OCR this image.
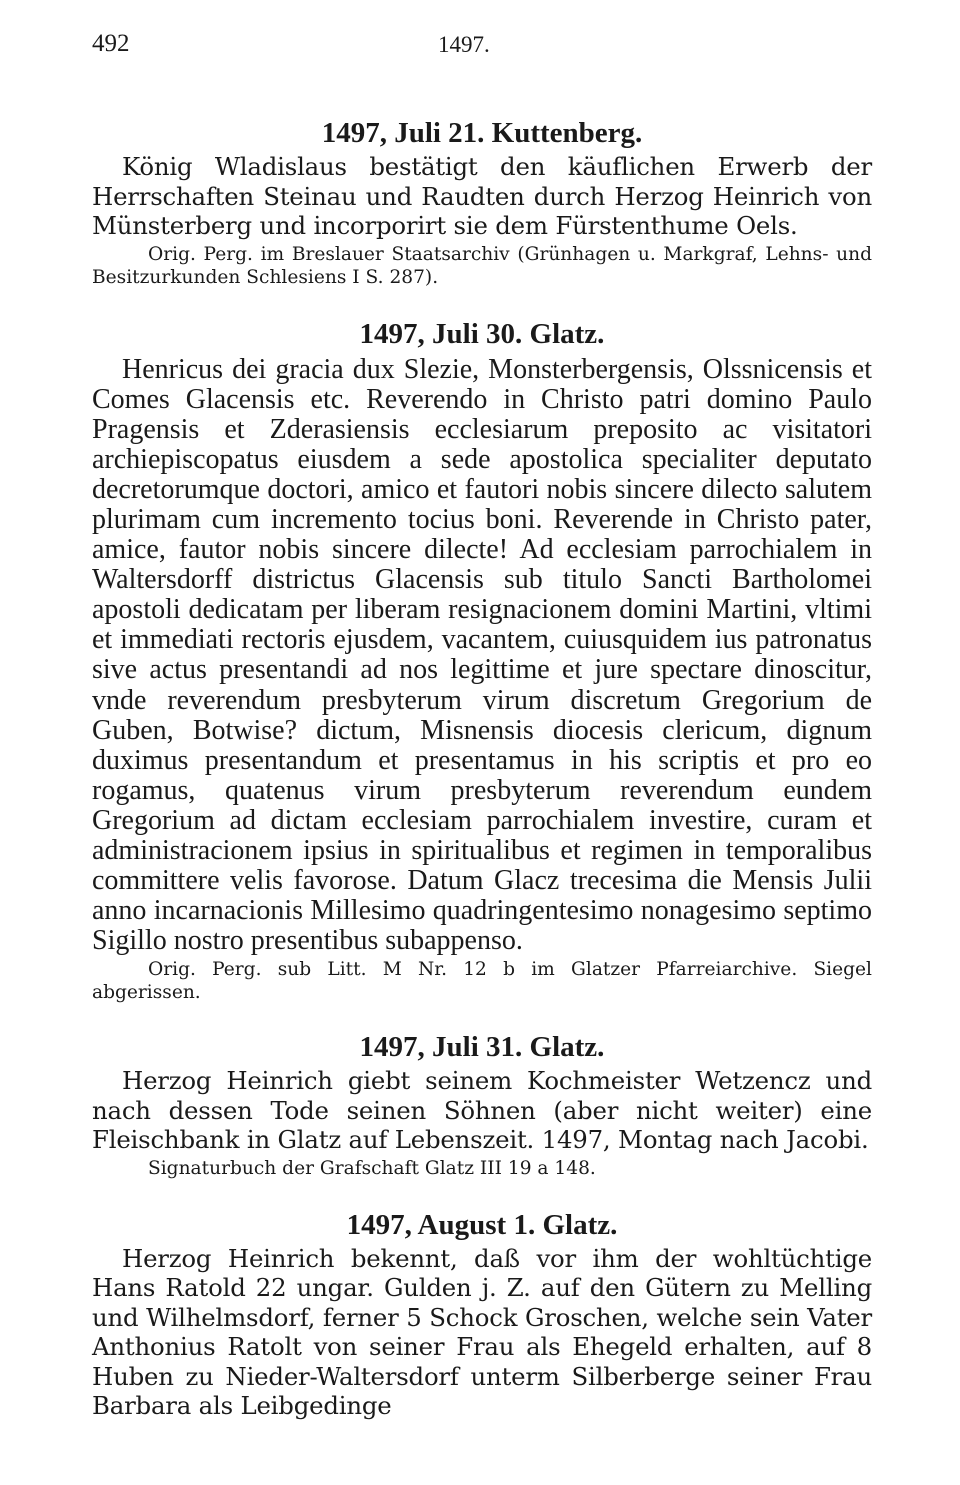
492	1497.
1497, Juli 21. Kuttenberg.

König Wladislaus bestätigt den käuflichen Erwerb der Herrschaften Steinau und Raudten durch Herzog Heinrich von Münsterberg und incorporirt sie dem Fürstenthume Oels.

Orig. Perg. im Breslauer Staatsarchiv (Grünhagen u. Markgraf, Lehns- und Besitzurkunden Schlesiens I S. 287).

1497, Juli 30. Glatz.

Henricus dei gracia dux Slezie, Monsterbergensis, Olssnicensis et Comes Glacensis etc. Reverendo in Christo patri domino Paulo Pragensis et Zderasiensis ecclesiarum preposito ac visitatori archiepiscopatus eiusdem a sede apostolica specialiter deputato decretorumque doctori, amico et fautori nobis sincere dilecto salutem plurimam cum incremento tocius boni. Reverende in Christo pater, amice, fautor nobis sincere dilecte! Ad ecclesiam parrochialem in Waltersdorff districtus Glacensis sub titulo Sancti Bartholomei apostoli dedicatam per liberam resignacionem domini Martini, vltimi et immediati rectoris ejusdem, vacantem, cuiusquidem ius patronatus sive actus presentandi ad nos legittime et jure spectare dinoscitur, vnde reverendum presbyterum virum discretum Gregorium de Guben, Botwise? dictum, Misnensis diocesis clericum, dignum duximus presentandum et presentamus in his scriptis et pro eo rogamus, quatenus virum presbyterum reverendum eundem Gregorium ad dictam ecclesiam parrochialem investire, curam et administracionem ipsius in spiritualibus et regimen in temporalibus committere velis favorose. Datum Glacz trecesima die Mensis Julii anno incarnacionis Millesimo quadringentesimo nonagesimo septimo Sigillo nostro presentibus subappenso.

Orig. Perg. sub Litt. M Nr. 12 b im Glatzer Pfarreiarchive. Siegel abgerissen.

1497, Juli 31. Glatz.

Herzog Heinrich giebt seinem Kochmeister Wetzencz und nach dessen Tode seinen Söhnen (aber nicht weiter) eine Fleischbank in Glatz auf Lebenszeit. 1497, Montag nach Jacobi.

Signaturbuch der Grafschaft Glatz III 19 a 148.

1497, August 1. Glatz.

Herzog Heinrich bekennt, daß vor ihm der wohltüchtige Hans Ratold 22 ungar. Gulden j. Z. auf den Gütern zu Melling und Wilhelmsdorf, ferner 5 Schock Groschen, welche sein Vater Anthonius Ratolt von seiner Frau als Ehegeld erhalten, auf 8 Huben zu Nieder-Waltersdorf unterm Silberberge seiner Frau Barbara als Leibgedinge
